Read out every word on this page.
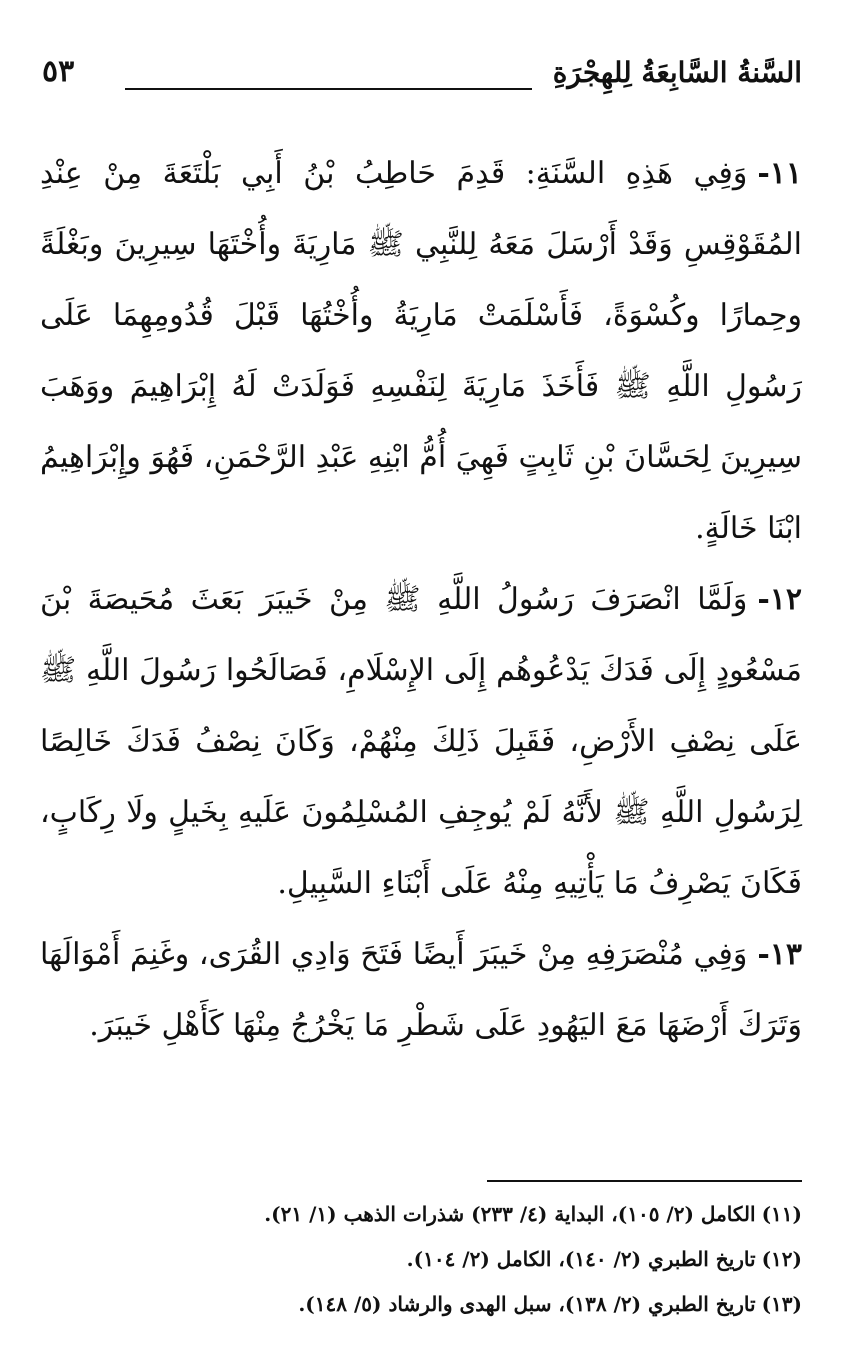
السَّنةُ السَّابِعَةُ لِلهِجْرَةِ
٥٣

١١-وَفِي هَذِهِ السَّنَةِ: قَدِمَ حَاطِبُ بْنُ أَبِي بَلْتَعَةَ مِنْ عِنْدِ المُقَوْقِسِ وَقَدْ أَرْسَلَ مَعَهُ لِلنَّبِي ﷺ مَارِيَةَ وأُخْتَهَا سِيرِينَ وبَغْلَةً وحِمارًا وكُسْوَةً، فَأَسْلَمَتْ مَارِيَةُ وأُخْتُهَا قَبْلَ قُدُومِهِمَا عَلَى رَسُولِ اللَّهِ ﷺ فَأَخَذَ مَارِيَةَ لِنَفْسِهِ فَوَلَدَتْ لَهُ إِبْرَاهِيمَ ووَهَبَ سِيرِينَ لِحَسَّانَ بْنِ ثَابِتٍ فَهِيَ أُمُّ ابْنِهِ عَبْدِ الرَّحْمَنِ، فَهُوَ وإِبْرَاهِيمُ ابْنَا خَالَةٍ.

١٢-وَلَمَّا انْصَرَفَ رَسُولُ اللَّهِ ﷺ مِنْ خَيبَرَ بَعَثَ مُحَيصَةَ بْنَ مَسْعُودٍ إِلَى فَدَكَ يَدْعُوهُم إِلَى الإِسْلَامِ، فَصَالَحُوا رَسُولَ اللَّهِ ﷺ عَلَى نِصْفِ الأَرْضِ، فَقَبِلَ ذَلِكَ مِنْهُمْ، وَكَانَ نِصْفُ فَدَكَ خَالِصًا لِرَسُولِ اللَّهِ ﷺ لأَنَّهُ لَمْ يُوجِفِ المُسْلِمُونَ عَلَيهِ بِخَيلٍ ولَا رِكَابٍ، فَكَانَ يَصْرِفُ مَا يَأْتِيهِ مِنْهُ عَلَى أَبْنَاءِ السَّبِيلِ.

١٣-وَفِي مُنْصَرَفِهِ مِنْ خَيبَرَ أَيضًا فَتَحَ وَادِي القُرَى، وغَنِمَ أَمْوَالَهَا وَتَرَكَ أَرْضَهَا مَعَ اليَهُودِ عَلَى شَطْرِ مَا يَخْرُجُ مِنْهَا كَأَهْلِ خَيبَرَ.

(١١)الكامل (٢/ ١٠٥)، البداية (٤/ ٢٣٣) شذرات الذهب (١/ ٢١).
(١٢)تاريخ الطبري (٢/ ١٤٠)، الكامل (٢/ ١٠٤).
(١٣)تاريخ الطبري (٢/ ١٣٨)، سبل الهدى والرشاد (٥/ ١٤٨).
